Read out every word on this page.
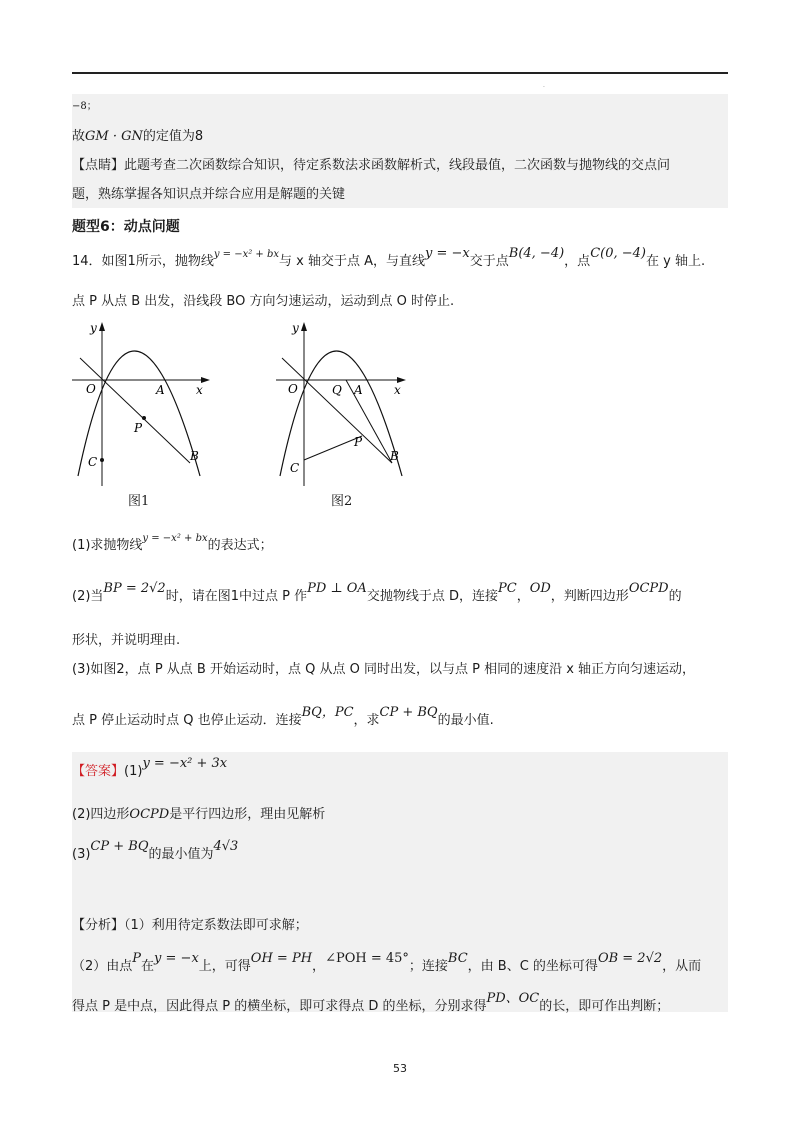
.
−8；
故GM · GN的定值为8
【点睛】此题考查二次函数综合知识，待定系数法求函数解析式，线段最值，二次函数与抛物线的交点问
题，熟练掌握各知识点并综合应用是解题的关键
题型6：动点问题
14．如图1所示，抛物线$^{y = -x^2 + bx}$与 x 轴交于点 A，与直线y = −x交于点B(4, −4)，点C(0, −4)在 y 轴上.
点 P 从点 B 出发，沿线段 BO 方向匀速运动，运动到点 O 时停止.
y
x
O	A
P
B
C
图1
y
x
O	Q A
P
B
C
图2
(1)求抛物线$^{y = -x^2 + bx}$的表达式；
(2)当BP = 2√2时，请在图1中过点 P 作PD ⊥ OA交抛物线于点 D，连接PC，OD，判断四边形OCPD的
形状，并说明理由.
(3)如图2，点 P 从点 B 开始运动时，点 Q 从点 O 同时出发，以与点 P 相同的速度沿 x 轴正方向匀速运动，
点 P 停止运动时点 Q 也停止运动．连接BQ，PC，求CP + BQ的最小值.
【答案】(1)y = −x² + 3x
(2)四边形OCPD是平行四边形，理由见解析
(3)CP + BQ的最小值为4√3
【分析】（1）利用待定系数法即可求解；
（2）由点P在y = −x上，可得OH = PH，∠POH = 45°；连接BC，由 B、C 的坐标可得OB = 2√2，从而
得点 P 是中点，因此得点 P 的横坐标，即可求得点 D 的坐标，分别求得PD、OC的长，即可作出判断；
53
